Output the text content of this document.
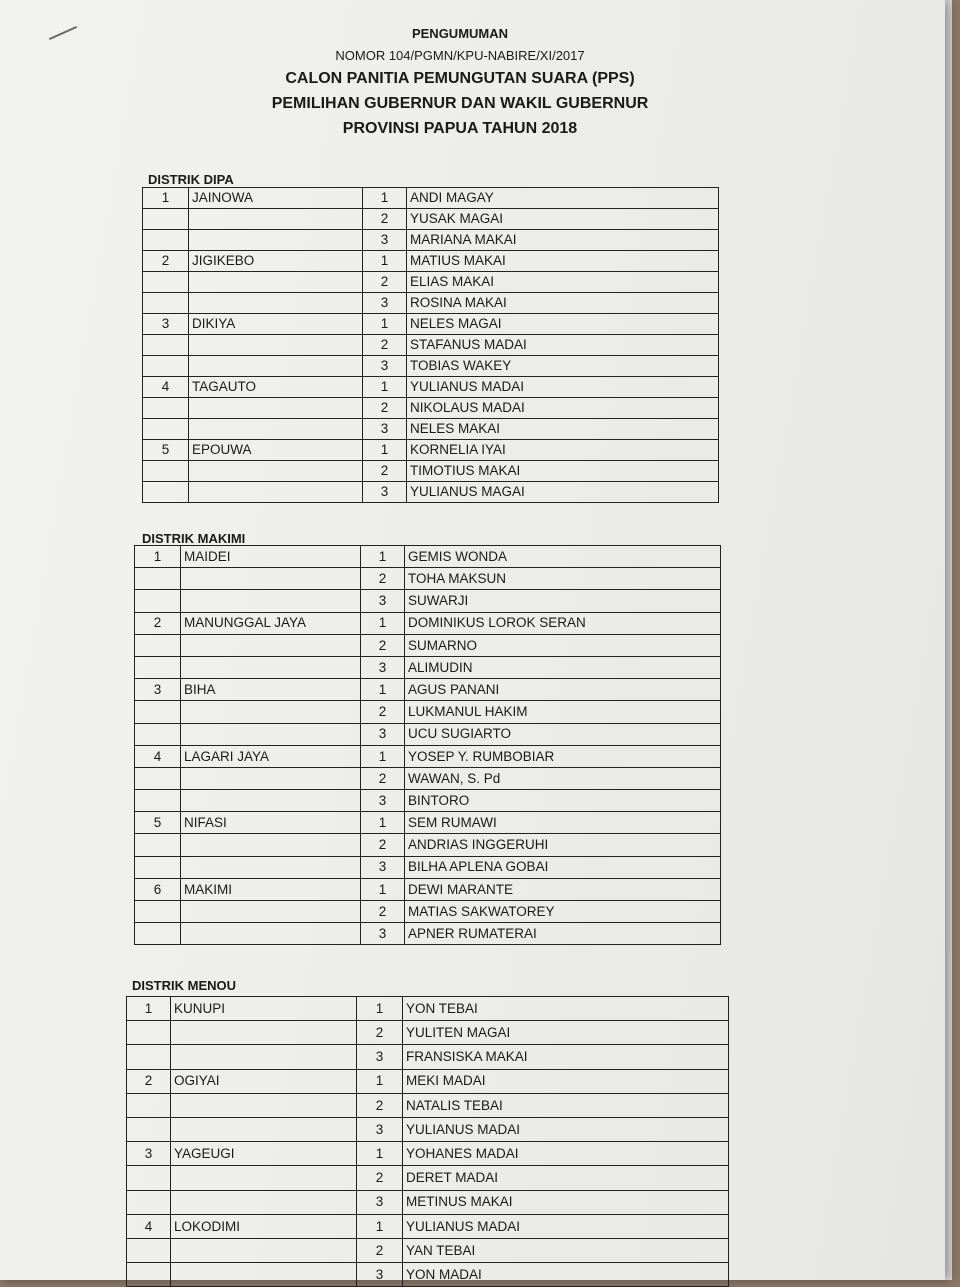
PENGUMUMAN
NOMOR 104/PGMN/KPU-NABIRE/XI/2017
CALON PANITIA PEMUNGUTAN SUARA (PPS)
PEMILIHAN GUBERNUR DAN WAKIL GUBERNUR
PROVINSI PAPUA TAHUN 2018
DISTRIK DIPA
1	JAINOWA	1	ANDI MAGAY
		2	YUSAK MAGAI
		3	MARIANA MAKAI
2	JIGIKEBO	1	MATIUS MAKAI
		2	ELIAS MAKAI
		3	ROSINA MAKAI
3	DIKIYA	1	NELES MAGAI
		2	STAFANUS MADAI
		3	TOBIAS WAKEY
4	TAGAUTO	1	YULIANUS MADAI
		2	NIKOLAUS MADAI
		3	NELES MAKAI
5	EPOUWA	1	KORNELIA IYAI
		2	TIMOTIUS MAKAI
		3	YULIANUS MAGAI
DISTRIK MAKIMI
1	MAIDEI	1	GEMIS WONDA
		2	TOHA MAKSUN
		3	SUWARJI
2	MANUNGGAL JAYA	1	DOMINIKUS LOROK SERAN
		2	SUMARNO
		3	ALIMUDIN
3	BIHA	1	AGUS PANANI
		2	LUKMANUL HAKIM
		3	UCU SUGIARTO
4	LAGARI JAYA	1	YOSEP Y. RUMBOBIAR
		2	WAWAN, S. Pd
		3	BINTORO
5	NIFASI	1	SEM RUMAWI
		2	ANDRIAS INGGERUHI
		3	BILHA APLENA GOBAI
6	MAKIMI	1	DEWI MARANTE
		2	MATIAS SAKWATOREY
		3	APNER RUMATERAI
DISTRIK MENOU
1	KUNUPI	1	YON TEBAI
		2	YULITEN MAGAI
		3	FRANSISKA MAKAI
2	OGIYAI	1	MEKI MADAI
		2	NATALIS TEBAI
		3	YULIANUS MADAI
3	YAGEUGI	1	YOHANES MADAI
		2	DERET MADAI
		3	METINUS MAKAI
4	LOKODIMI	1	YULIANUS MADAI
		2	YAN TEBAI
		3	YON MADAI
